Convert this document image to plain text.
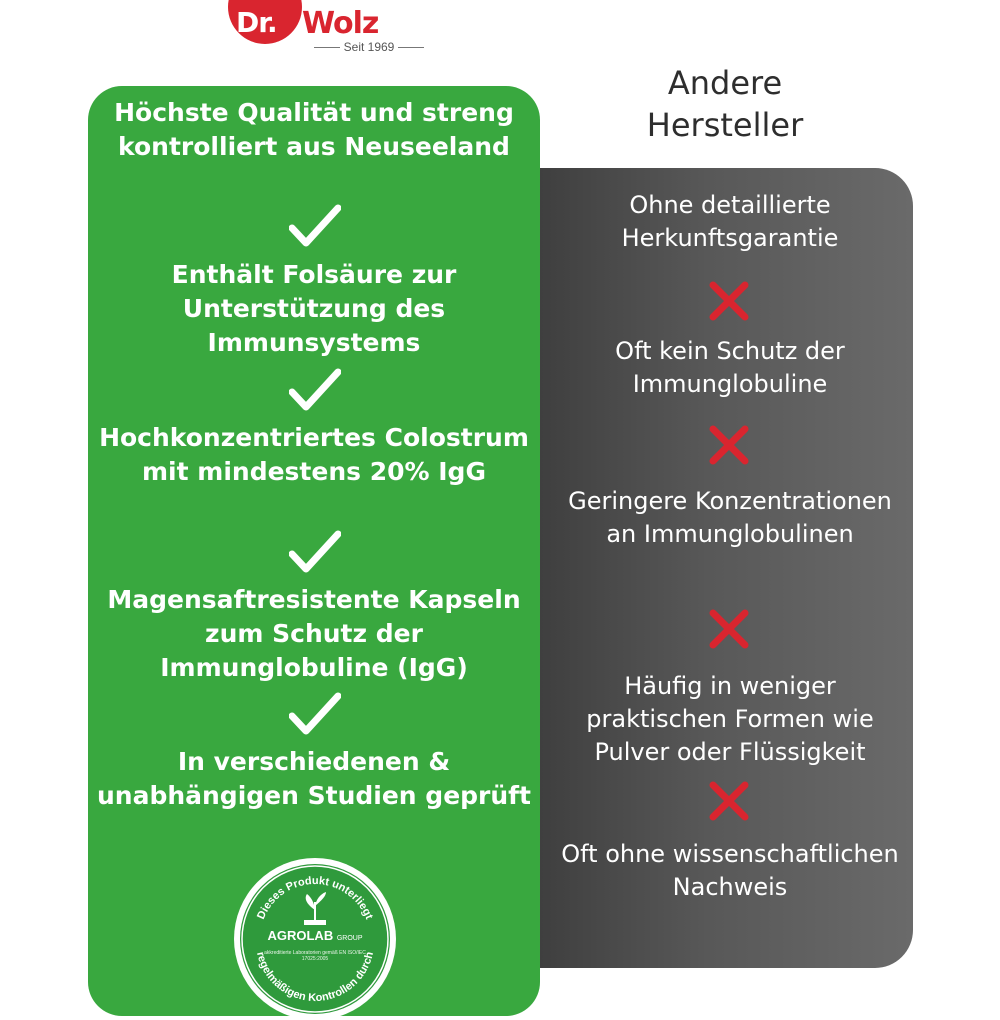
Dr. Wolz
Seit 1969
Andere Hersteller
Höchste Qualität und streng kontrolliert aus Neuseeland
Enthält Folsäure zur Unterstützung des Immunsystems
Hochkonzentriertes Colostrum mit mindestens 20% IgG
Magensaftresistente Kapseln zum Schutz der Immunglobuline (IgG)
In verschiedenen & unabhängigen Studien geprüft
Ohne detaillierte Herkunftsgarantie
Oft kein Schutz der Immunglobuline
Geringere Konzentrationen an Immunglobulinen
Häufig in weniger praktischen Formen wie Pulver oder Flüssigkeit
Oft ohne wissenschaftlichen Nachweis
Dieses Produkt unterliegt
regelmäßigen Kontrollen durch
AGROLAB GROUP
akkreditierte Laboratorien gemäß EN ISO/IEC 17025:2005
